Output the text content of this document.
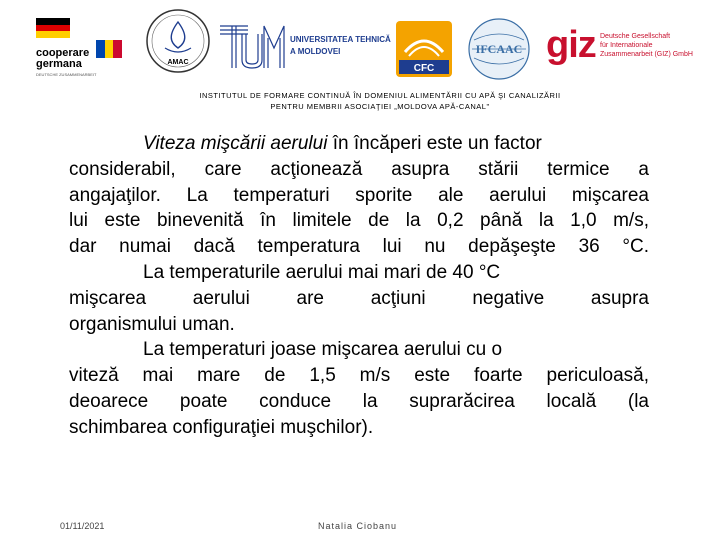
cooperare
germana
DEUTSCHE ZUSAMMENARBEIT
AMAC
UNIVERSITATEA TEHNICĂ
A MOLDOVEI
CFC
IFCAAC giz Deutsche Gesellschaft
für Internationale
Zusammenarbeit (GIZ) GmbH
INSTITUTUL DE FORMARE CONTINUĂ ÎN DOMENIUL ALIMENTĂRII CU APĂ ŞI CANALIZĂRII
PENTRU MEMBRII ASOCIAŢIEI „MOLDOVA APĂ-CANAL"

Viteza mişcării aerului în încăperi este un factor

considerabil, care acţionează asupra stării termice a
angajaţilor. La temperaturi sporite ale aerului mişcarea
lui este binevenită în limitele de la 0,2 până la 1,0 m/s,
dar numai dacă temperatura lui nu depăşeşte 36 °C.

La temperaturile aerului mai mari de 40 °C
mişcarea aerului are acţiuni negative asupra
organismului uman.

La temperaturi joase mişcarea aerului cu o
viteză mai mare de 1,5 m/s este foarte periculoasă,
deoarece poate conduce la suprarăcirea locală (la
schimbarea configuraţiei muşchilor).

01/11/2021	Natalia Ciobanu
